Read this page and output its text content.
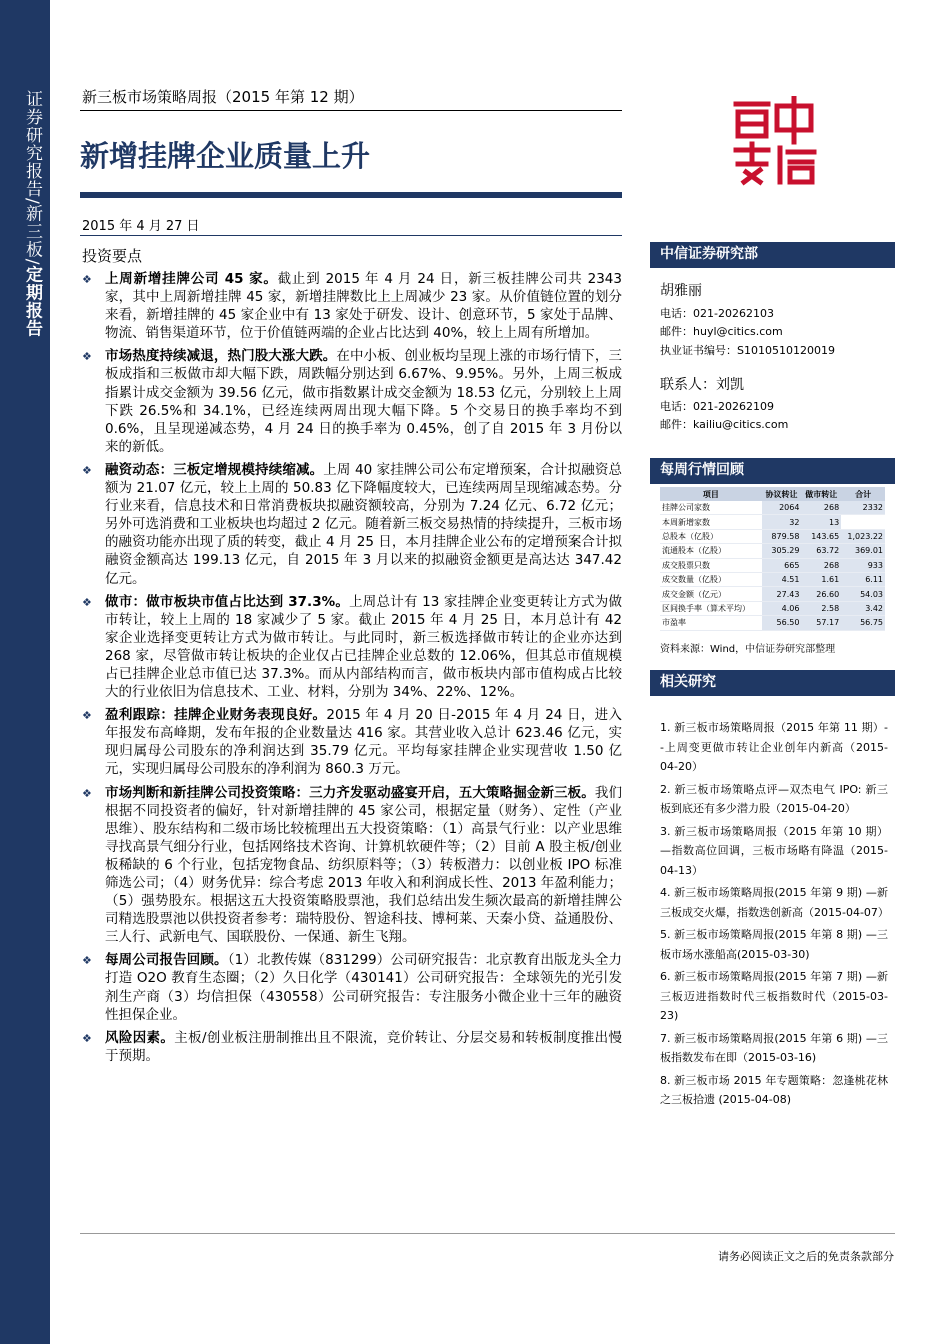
证券研究报告/新三板/定期报告
新三板市场策略周报（2015 年第 12 期）
新增挂牌企业质量上升
2015 年 4 月 27 日
投资要点
❖ 上周新增挂牌公司 45 家。截止到 2015 年 4 月 24 日，新三板挂牌公司共 2343 家，其中上周新增挂牌 45 家，新增挂牌数比上上周减少 23 家。从价值链位置的划分来看，新增挂牌的 45 家企业中有 13 家处于研发、设计、创意环节，5 家处于品牌、物流、销售渠道环节，位于价值链两端的企业占比达到 40%，较上上周有所增加。
❖ 市场热度持续减退，热门股大涨大跌。在中小板、创业板均呈现上涨的市场行情下，三板成指和三板做市却大幅下跌，周跌幅分别达到 6.67%、9.95%。另外，上周三板成指累计成交金额为 39.56 亿元，做市指数累计成交金额为 18.53 亿元，分别较上上周下跌 26.5%和 34.1%，已经连续两周出现大幅下降。5 个交易日的换手率均不到 0.6%，且呈现递减态势，4 月 24 日的换手率为 0.45%，创了自 2015 年 3 月份以来的新低。
❖ 融资动态：三板定增规模持续缩减。上周 40 家挂牌公司公布定增预案，合计拟融资总额为 21.07 亿元，较上上周的 50.83 亿下降幅度较大，已连续两周呈现缩减态势。分行业来看，信息技术和日常消费板块拟融资额较高，分别为 7.24 亿元、6.72 亿元；另外可选消费和工业板块也均超过 2 亿元。随着新三板交易热情的持续提升，三板市场的融资功能亦出现了质的转变，截止 4 月 25 日，本月挂牌企业公布的定增预案合计拟融资金额高达 199.13 亿元，自 2015 年 3 月以来的拟融资金额更是高达达 347.42 亿元。
❖ 做市：做市板块市值占比达到 37.3%。上周总计有 13 家挂牌企业变更转让方式为做市转让，较上上周的 18 家减少了 5 家。截止 2015 年 4 月 25 日，本月总计有 42 家企业选择变更转让方式为做市转让。与此同时，新三板选择做市转让的企业亦达到 268 家，尽管做市转让板块的企业仅占已挂牌企业总数的 12.06%，但其总市值规模占已挂牌企业总市值已达 37.3%。而从内部结构而言，做市板块内部市值构成占比较大的行业依旧为信息技术、工业、材料，分别为 34%、22%、12%。
❖ 盈利跟踪：挂牌企业财务表现良好。2015 年 4 月 20 日-2015 年 4 月 24 日，进入年报发布高峰期，发布年报的企业数量达 416 家。其营业收入总计 623.46 亿元，实现归属母公司股东的净利润达到 35.79 亿元。平均每家挂牌企业实现营收 1.50 亿元，实现归属母公司股东的净利润为 860.3 万元。
❖ 市场判断和新挂牌公司投资策略：三力齐发驱动盛宴开启，五大策略掘金新三板。我们根据不同投资者的偏好，针对新增挂牌的 45 家公司，根据定量（财务）、定性（产业思维）、股东结构和二级市场比较梳理出五大投资策略：（1）高景气行业：以产业思维寻找高景气细分行业，包括网络技术咨询、计算机软硬件等；（2）目前 A 股主板/创业板稀缺的 6 个行业，包括宠物食品、纺织原料等；（3）转板潜力：以创业板 IPO 标准筛选公司；（4）财务优异：综合考虑 2013 年收入和利润成长性、2013 年盈利能力；（5）强势股东。根据这五大投资策略股票池，我们总结出发生频次最高的新增挂牌公司精选股票池以供投资者参考：瑞特股份、智途科技、博柯莱、天秦小贷、益通股份、三人行、武新电气、国联股份、一保通、新生飞翔。
❖ 每周公司报告回顾。（1）北教传媒（831299）公司研究报告：北京教育出版龙头全力打造 O2O 教育生态圈；（2）久日化学（430141）公司研究报告：全球领先的光引发剂生产商（3）均信担保（430558）公司研究报告：专注服务小微企业十三年的融资性担保企业。
❖ 风险因素。主板/创业板注册制推出且不限流，竞价转让、分层交易和转板制度推出慢于预期。
中信证券研究部
胡雅丽
电话：021-20262103
邮件：huyl@citics.com
执业证书编号：S1010510120019
联系人：刘凯
电话：021-20262109
邮件：kailiu@citics.com
每周行情回顾
项目	协议转让	做市转让	合计
挂牌公司家数	2064	268	2332
本周新增家数	32	13	
总股本（亿股）	879.58	143.65	1,023.22
流通股本（亿股）	305.29	63.72	369.01
成交股票只数	665	268	933
成交数量（亿股）	4.51	1.61	6.11
成交金额（亿元）	27.43	26.60	54.03
区间换手率（算术平均）	4.06	2.58	3.42
市盈率	56.50	57.17	56.75
资料来源：Wind，中信证券研究部整理
相关研究
1. 新三板市场策略周报（2015 年第 11 期）--上周变更做市转让企业创年内新高（2015-04-20）
2. 新三板市场策略点评—双杰电气 IPO: 新三板到底还有多少潜力股（2015-04-20）
3. 新三板市场策略周报（2015 年第 10 期）—指数高位回调，三板市场略有降温（2015-04-13）
4. 新三板市场策略周报(2015 年第 9 期) —新三板成交火爆，指数迭创新高（2015-04-07）
5. 新三板市场策略周报(2015 年第 8 期) —三板市场水涨船高(2015-03-30)
6. 新三板市场策略周报(2015 年第 7 期) —新三板迈进指数时代三板指数时代（2015-03-23)
7. 新三板市场策略周报(2015 年第 6 期) —三板指数发布在即（2015-03-16)
8. 新三板市场 2015 年专题策略：忽逢桃花林之三板拾遗 (2015-04-08)
请务必阅读正文之后的免责条款部分
